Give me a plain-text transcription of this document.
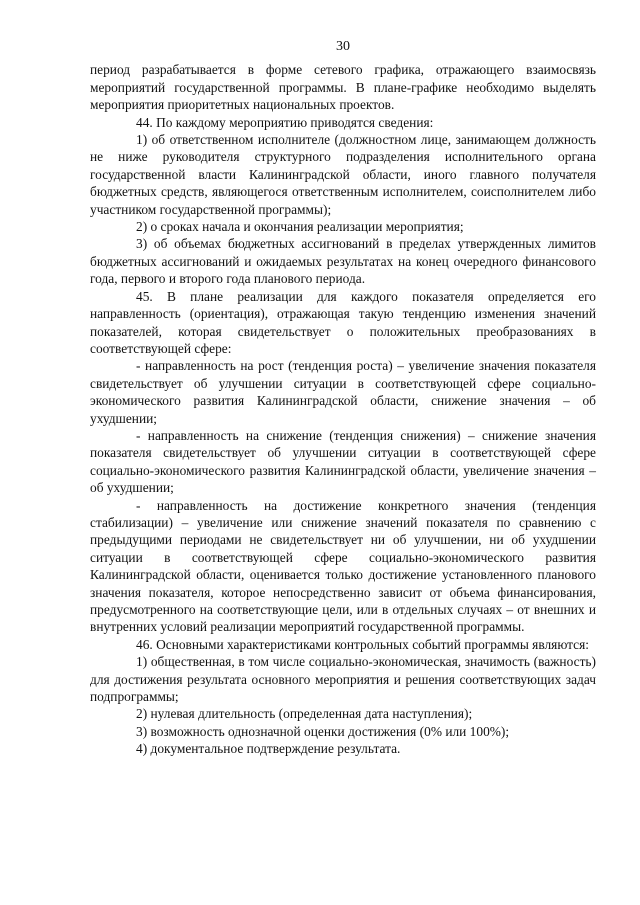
30

период разрабатывается в форме сетевого графика, отражающего взаимосвязь мероприятий государственной программы. В плане-графике необходимо выделять мероприятия приоритетных национальных проектов.

44. По каждому мероприятию приводятся сведения:

1) об ответственном исполнителе (должностном лице, занимающем должность не ниже руководителя структурного подразделения исполнительного органа государственной власти Калининградской области, иного главного получателя бюджетных средств, являющегося ответственным исполнителем, соисполнителем либо участником государственной программы);

2) о сроках начала и окончания реализации мероприятия;

3) об объемах бюджетных ассигнований в пределах утвержденных лимитов бюджетных ассигнований и ожидаемых результатах на конец очередного финансового года, первого и второго года планового периода.

45. В плане реализации для каждого показателя определяется его направленность (ориентация), отражающая такую тенденцию изменения значений показателей, которая свидетельствует о положительных преобразованиях в соответствующей сфере:

- направленность на рост (тенденция роста) – увеличение значения показателя свидетельствует об улучшении ситуации в соответствующей сфере социально-экономического развития Калининградской области, снижение значения – об ухудшении;

- направленность на снижение (тенденция снижения) – снижение значения показателя свидетельствует об улучшении ситуации в соответствующей сфере социально-экономического развития Калининградской области, увеличение значения – об ухудшении;

- направленность на достижение конкретного значения (тенденция стабилизации) – увеличение или снижение значений показателя по сравнению с предыдущими периодами не свидетельствует ни об улучшении, ни об ухудшении ситуации в соответствующей сфере социально-экономического развития Калининградской области, оценивается только достижение установленного планового значения показателя, которое непосредственно зависит от объема финансирования, предусмотренного на соответствующие цели, или в отдельных случаях – от внешних и внутренних условий реализации мероприятий государственной программы.

46. Основными характеристиками контрольных событий программы являются:

1) общественная, в том числе социально-экономическая, значимость (важность) для достижения результата основного мероприятия и решения соответствующих задач подпрограммы;

2) нулевая длительность (определенная дата наступления);

3) возможность однозначной оценки достижения (0% или 100%);

4) документальное подтверждение результата.
